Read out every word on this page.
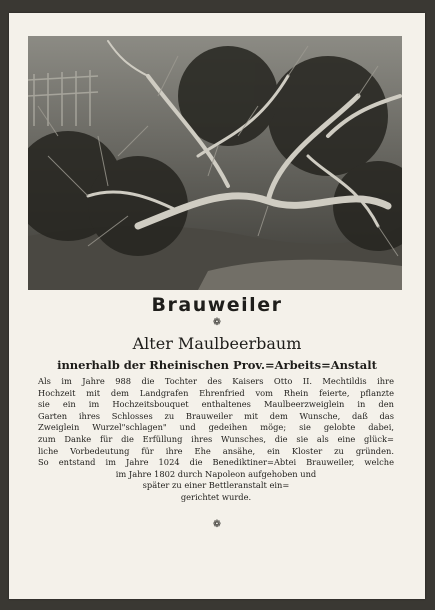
Brauweiler
❁
Alter Maulbeerbaum
innerhalb der Rheinischen Prov.=Arbeits=Anstalt
Als im Jahre 988 die Tochter des Kaisers Otto II. Mechtildis ihre
Hochzeit mit dem Landgrafen Ehrenfried vom Rhein feierte, pflanzte
sie ein im Hochzeitsbouquet enthaltenes Maulbeerzweiglein in den
Garten ihres Schlosses zu Brauweiler mit dem Wunsche, daß das
Zweiglein Wurzel"schlagen" und gedeihen möge; sie gelobte dabei,
zum Danke für die Erfüllung ihres Wunsches, die sie als eine glück=
liche Vorbedeutung für ihre Ehe ansähe, ein Kloster zu gründen.
So entstand im Jahre 1024 die Benediktiner=Abtei Brauweiler, welche
im Jahre 1802 durch Napoleon aufgehoben und
später zu einer Bettleranstalt ein=
gerichtet wurde.
❁
